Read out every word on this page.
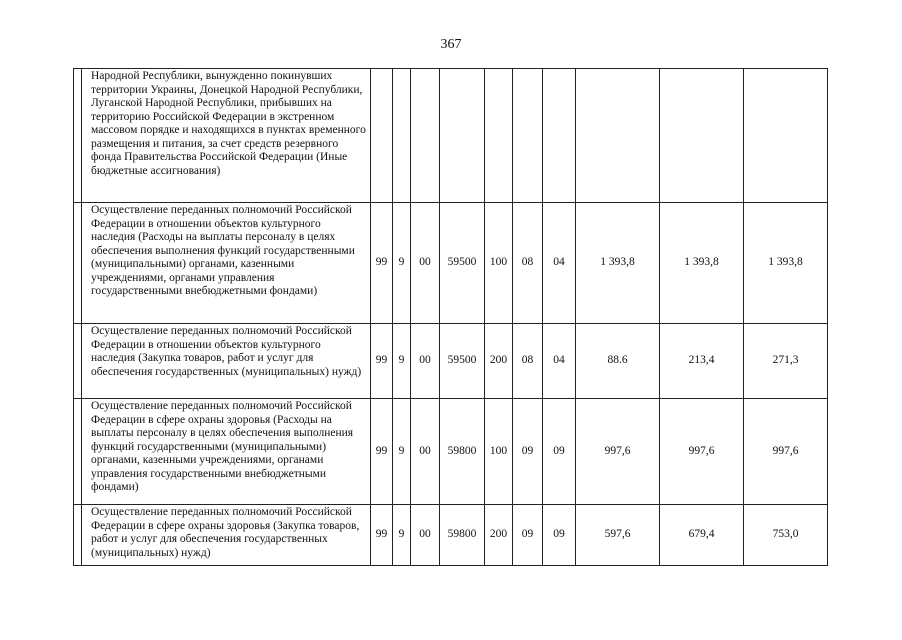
367
	Народной Республики, вынужденно покинувших территории Украины, Донецкой Народной Республики, Луганской Народной Республики, прибывших на территорию Российской Федерации в экстренном массовом порядке и находящихся в пунктах временного размещения и питания, за счет средств резервного фонда Правительства Российской Федерации (Иные бюджетные ассигнования)										
	Осуществление переданных полномочий Российской Федерации в отношении объектов культурного наследия (Расходы на выплаты персоналу в целях обеспечения выполнения функций государственными (муниципальными) органами, казенными учреждениями, органами управления государственными внебюджетными фондами)	99	9	00	59500	100	08	04	1 393,8	1 393,8	1 393,8
	Осуществление переданных полномочий Российской Федерации в отношении объектов культурного наследия (Закупка товаров, работ и услуг для обеспечения государственных (муниципальных) нужд)	99	9	00	59500	200	08	04	88.6	213,4	271,3
	Осуществление переданных полномочий Российской Федерации в сфере охраны здоровья (Расходы на выплаты персоналу в целях обеспечения выполнения функций государственными (муниципальными) органами, казенными учреждениями, органами управления государственными внебюджетными фондами)	99	9	00	59800	100	09	09	997,6	997,6	997,6
	Осуществление переданных полномочий Российской Федерации в сфере охраны здоровья (Закупка товаров, работ и услуг для обеспечения государственных (муниципальных) нужд)	99	9	00	59800	200	09	09	597,6	679,4	753,0
